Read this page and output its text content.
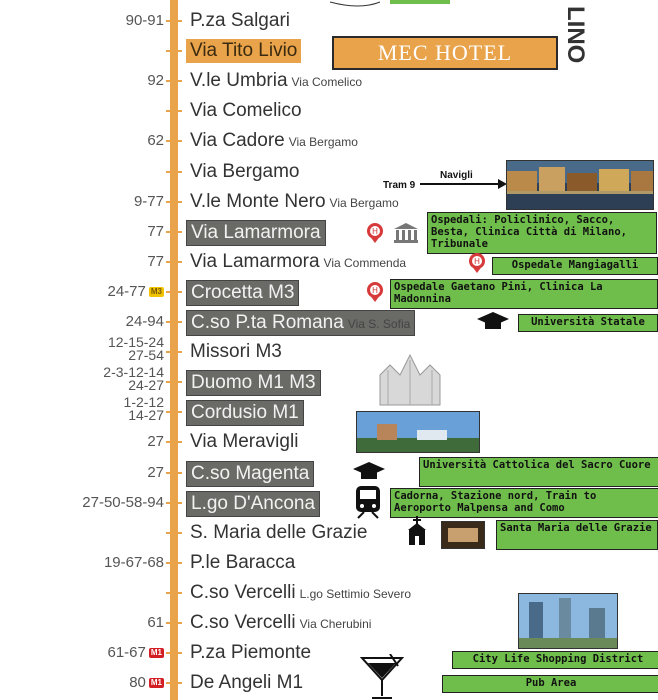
LINO
MEC HOTEL
90-91 P.za Salgari
Via Tito Livio
92 V.le Umbria Via Comelico
Via Comelico
62 Via Cadore Via Bergamo
Via Bergamo
9-77 V.le Monte Nero Via Bergamo
77 Via Lamarmora
77 Via Lamarmora Via Commenda
24-77 M3 Crocetta M3
24-94 C.so P.ta Romana Via S. Sofia
12-15-24
27-54 Missori M3
2-3-12-14
24-27 Duomo M1 M3
1-2-12
14-27 Cordusio M1
27 Via Meravigli
27 C.so Magenta
27-50-58-94 L.go D'Ancona
S. Maria delle Grazie
19-67-68 P.le Baracca
C.so Vercelli L.go Settimio Severo
61 C.so Vercelli Via Cherubini
61-67 M1 P.za Piemonte
80 M1 De Angeli M1
Ospedali: Policlinico, Sacco, Besta, Clinica Città di Milano, Tribunale
Ospedale Mangiagalli
Ospedale Gaetano Pini, Clinica La Madonnina
Università Statale
Università Cattolica del Sacro Cuore
Cadorna, Stazione nord, Train to Aeroporto Malpensa and Como
Santa Maria delle Grazie
City Life Shopping District
Pub Area
Navigli
Tram 9
H
H
H
